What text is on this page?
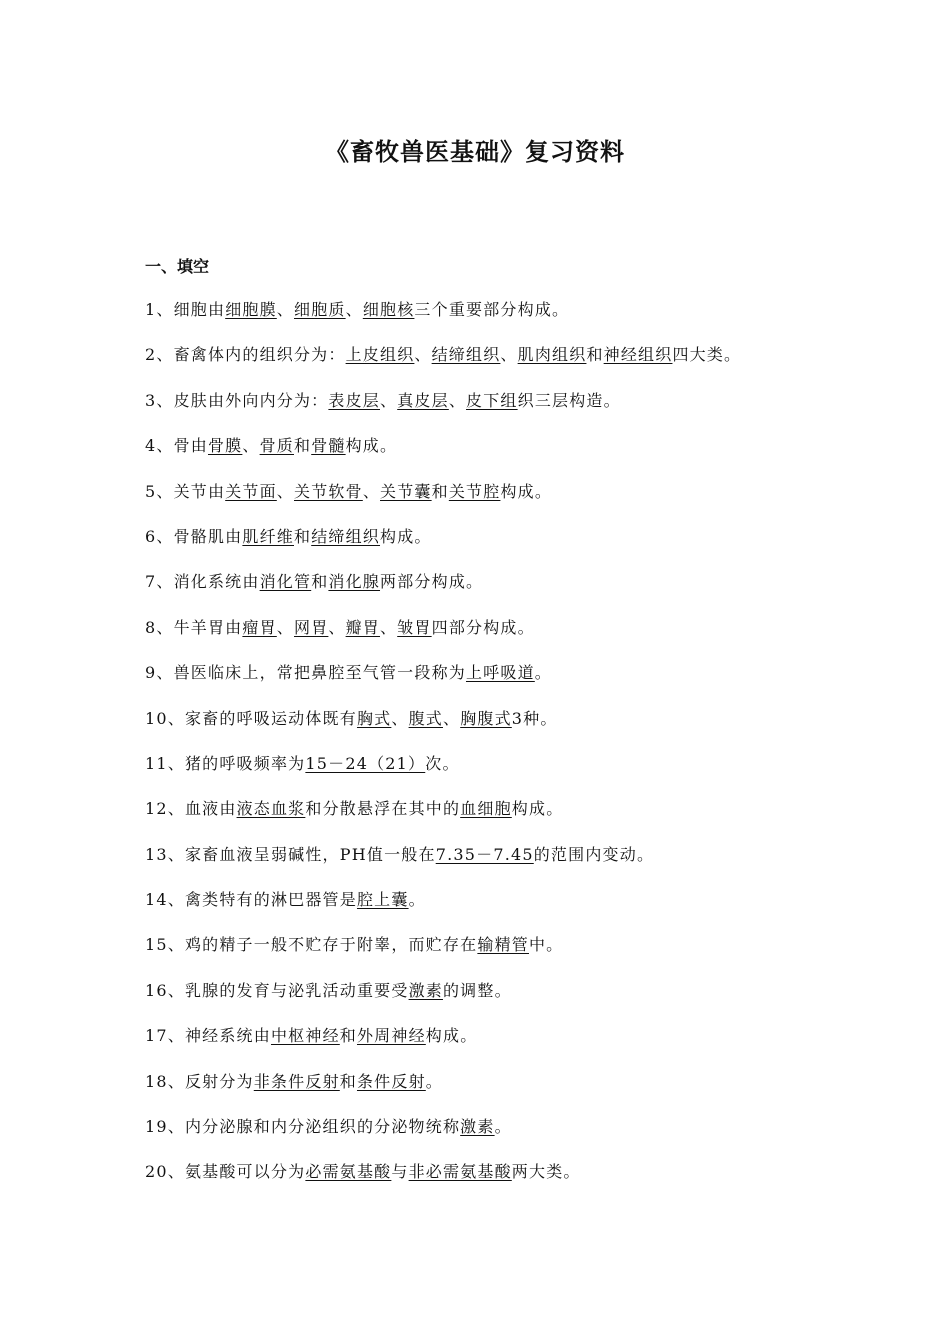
《畜牧兽医基础》复习资料
一、填空
1、细胞由细胞膜、细胞质、细胞核三个重要部分构成。
2、畜禽体内的组织分为：上皮组织、结缔组织、肌肉组织和神经组织四大类。
3、皮肤由外向内分为：表皮层、真皮层、皮下组织三层构造。
4、骨由骨膜、骨质和骨髓构成。
5、关节由关节面、关节软骨、关节囊和关节腔构成。
6、骨骼肌由肌纤维和结缔组织构成。
7、消化系统由消化管和消化腺两部分构成。
8、牛羊胃由瘤胃、网胃、瓣胃、皱胃四部分构成。
9、兽医临床上，常把鼻腔至气管一段称为上呼吸道。
10、家畜的呼吸运动体既有胸式、腹式、胸腹式3种。
11、猪的呼吸频率为15－24（21）次。
12、血液由液态血浆和分散悬浮在其中的血细胞构成。
13、家畜血液呈弱碱性，PH值一般在7.35－7.45的范围内变动。
14、禽类特有的淋巴器管是腔上囊。
15、鸡的精子一般不贮存于附睾，而贮存在输精管中。
16、乳腺的发育与泌乳活动重要受激素的调整。
17、神经系统由中枢神经和外周神经构成。
18、反射分为非条件反射和条件反射。
19、内分泌腺和内分泌组织的分泌物统称激素。
20、氨基酸可以分为必需氨基酸与非必需氨基酸两大类。
